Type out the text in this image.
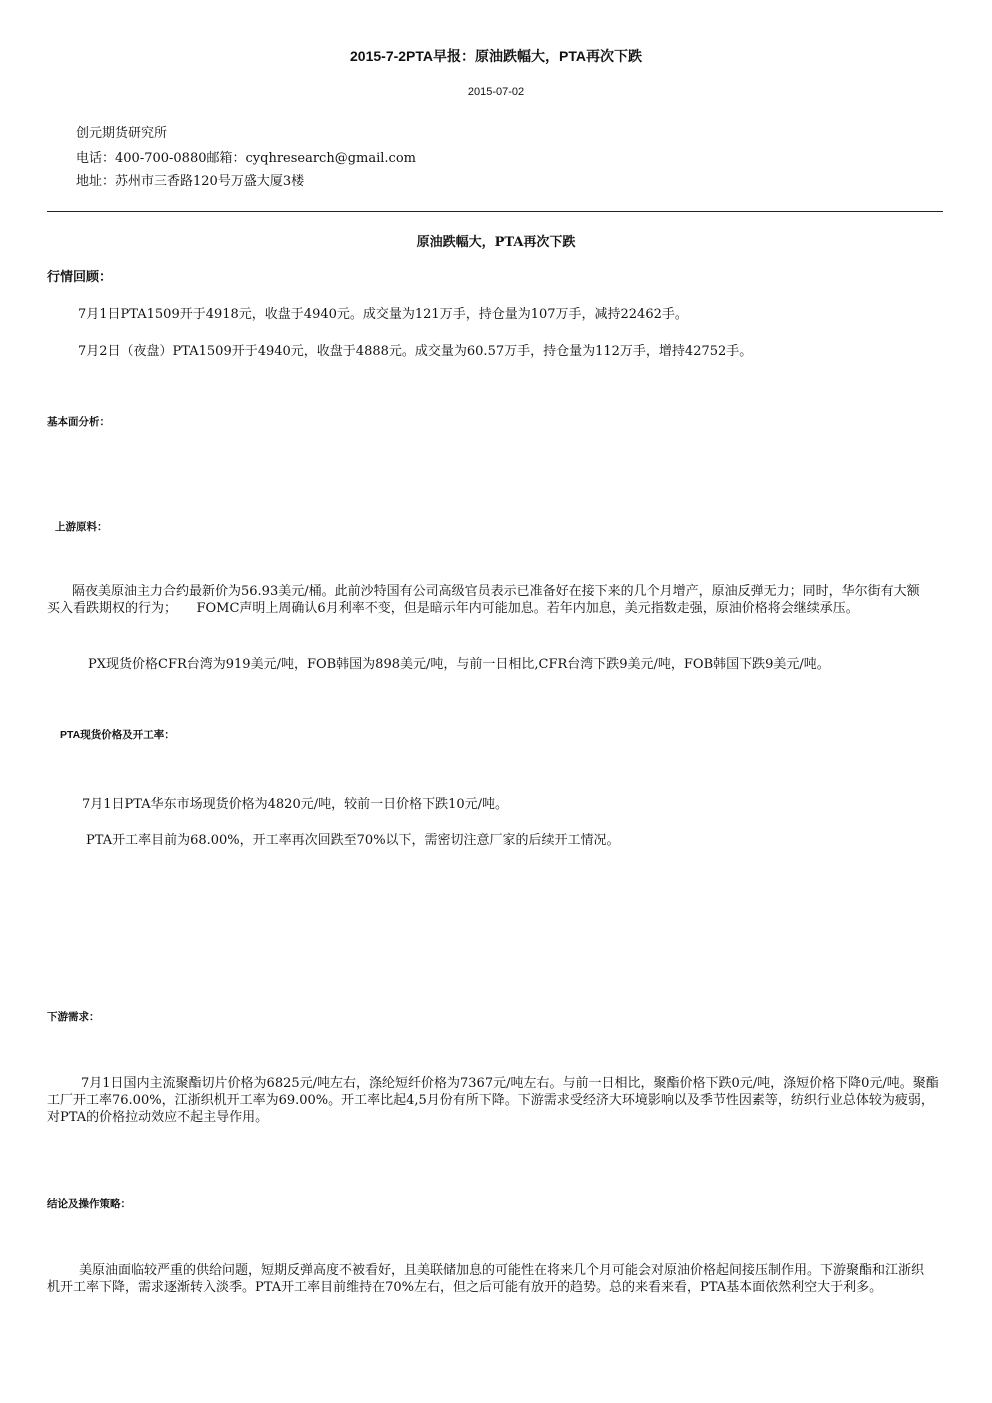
2015-7-2PTA早报：原油跌幅大，PTA再次下跌
2015-07-02
创元期货研究所
电话：400-700-0880邮箱：cyqhresearch@gmail.com
地址：苏州市三香路120号万盛大厦3楼
原油跌幅大，PTA再次下跌
行情回顾：
7月1日PTA1509开于4918元，收盘于4940元。成交量为121万手，持仓量为107万手，减持22462手。
7月2日（夜盘）PTA1509开于4940元，收盘于4888元。成交量为60.57万手，持仓量为112万手，增持42752手。
基本面分析：
上游原料：
隔夜美原油主力合约最新价为56.93美元/桶。此前沙特国有公司高级官员表示已准备好在接下来的几个月增产，原油反弹无力；同时，华尔街有大额买入看跌期权的行为；　　FOMC声明上周确认6月利率不变，但是暗示年内可能加息。若年内加息，美元指数走强，原油价格将会继续承压。
PX现货价格CFR台湾为919美元/吨，FOB韩国为898美元/吨，与前一日相比,CFR台湾下跌9美元/吨，FOB韩国下跌9美元/吨。
PTA现货价格及开工率：
7月1日PTA华东市场现货价格为4820元/吨，较前一日价格下跌10元/吨。
PTA开工率目前为68.00%，开工率再次回跌至70%以下，需密切注意厂家的后续开工情况。
下游需求：
7月1日国内主流聚酯切片价格为6825元/吨左右，涤纶短纤价格为7367元/吨左右。与前一日相比，聚酯价格下跌0元/吨，涤短价格下降0元/吨。聚酯工厂开工率76.00%，江浙织机开工率为69.00%。开工率比起4,5月份有所下降。下游需求受经济大环境影响以及季节性因素等，纺织行业总体较为疲弱，对PTA的价格拉动效应不起主导作用。
结论及操作策略：
美原油面临较严重的供给问题，短期反弹高度不被看好，且美联储加息的可能性在将来几个月可能会对原油价格起间接压制作用。下游聚酯和江浙织机开工率下降，需求逐渐转入淡季。PTA开工率目前维持在70%左右，但之后可能有放开的趋势。总的来看来看，PTA基本面依然利空大于利多。
